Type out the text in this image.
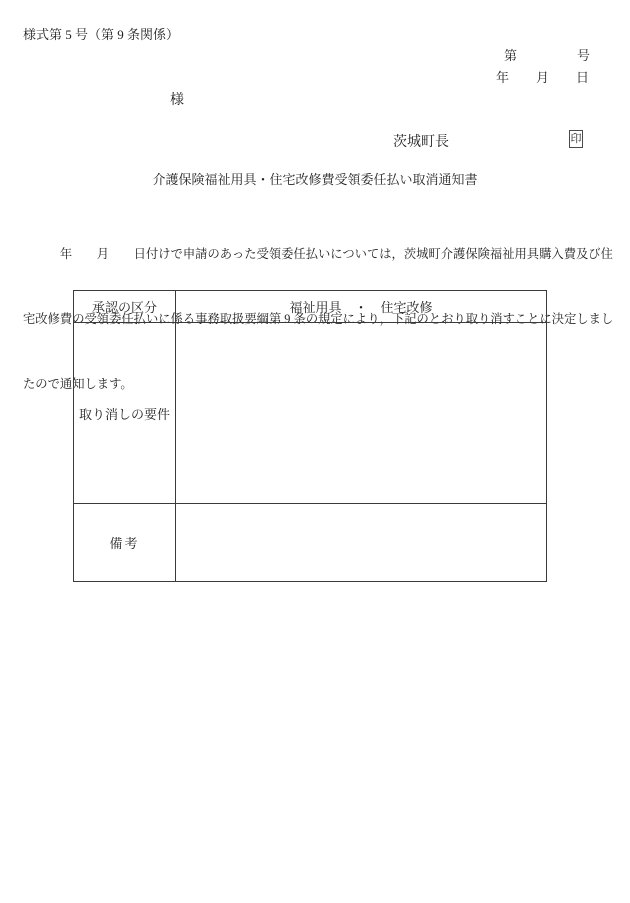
様式第 5 号（第 9 条関係）
第	号
年 月 日
様
茨城町長	印
介護保険福祉用具・住宅改修費受領委任払い取消通知書

　　　年　　月　　日付けで申請のあった受領委任払いについては，茨城町介護保険福祉用具購入費及び住

宅改修費の受領委任払いに係る事務取扱要綱第 9 条の規定により，下記のとおり取り消すことに決定しまし

たので通知します。

承認の区分	福祉用具　・　住宅改修
取り消しの要件	
備考	
